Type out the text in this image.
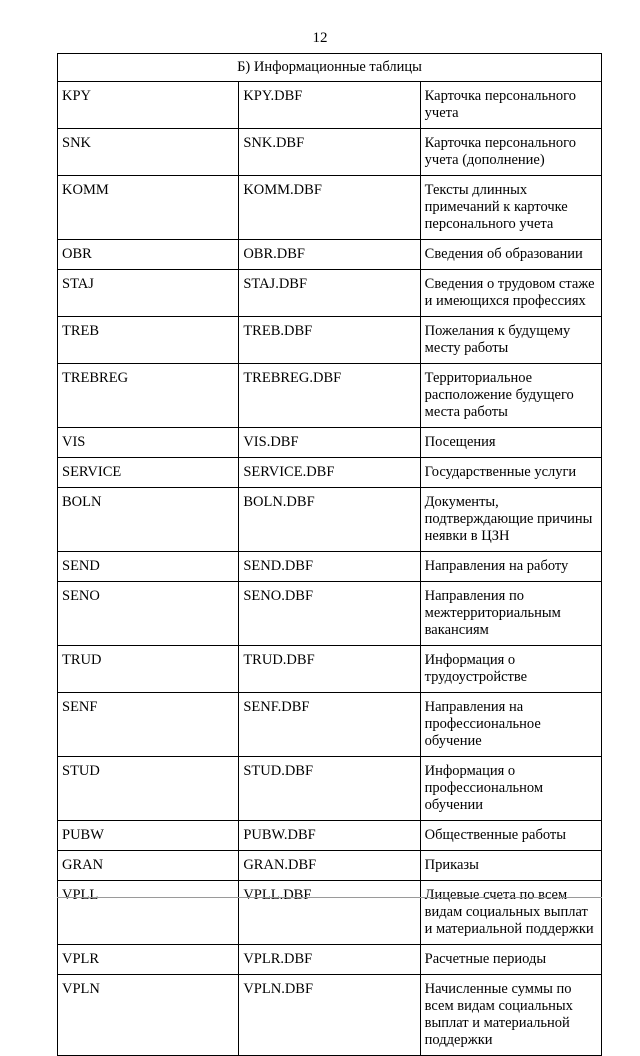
12
Б) Информационные таблицы		
KPY	KPY.DBF	Карточка персонального учета
SNK	SNK.DBF	Карточка персонального учета (дополнение)
KOMM	KOMM.DBF	Тексты длинных примечаний к карточке персонального учета
OBR	OBR.DBF	Сведения об образовании
STAJ	STAJ.DBF	Сведения о трудовом стаже и имеющихся профессиях
TREB	TREB.DBF	Пожелания к будущему месту работы
TREBREG	TREBREG.DBF	Территориальное расположение будущего места работы
VIS	VIS.DBF	Посещения
SERVICE	SERVICE.DBF	Государственные услуги
BOLN	BOLN.DBF	Документы, подтверждающие причины неявки в ЦЗН
SEND	SEND.DBF	Направления на работу
SENO	SENO.DBF	Направления по межтерриториальным вакансиям
TRUD	TRUD.DBF	Информация о трудоустройстве
SENF	SENF.DBF	Направления на профессиональное обучение
STUD	STUD.DBF	Информация о профессиональном обучении
PUBW	PUBW.DBF	Общественные работы
GRAN	GRAN.DBF	Приказы
VPLL	VPLL.DBF	Лицевые счета по всем видам социальных выплат и материальной поддержки
VPLR	VPLR.DBF	Расчетные периоды
VPLN	VPLN.DBF	Начисленные суммы по всем видам социальных выплат и материальной поддержки
